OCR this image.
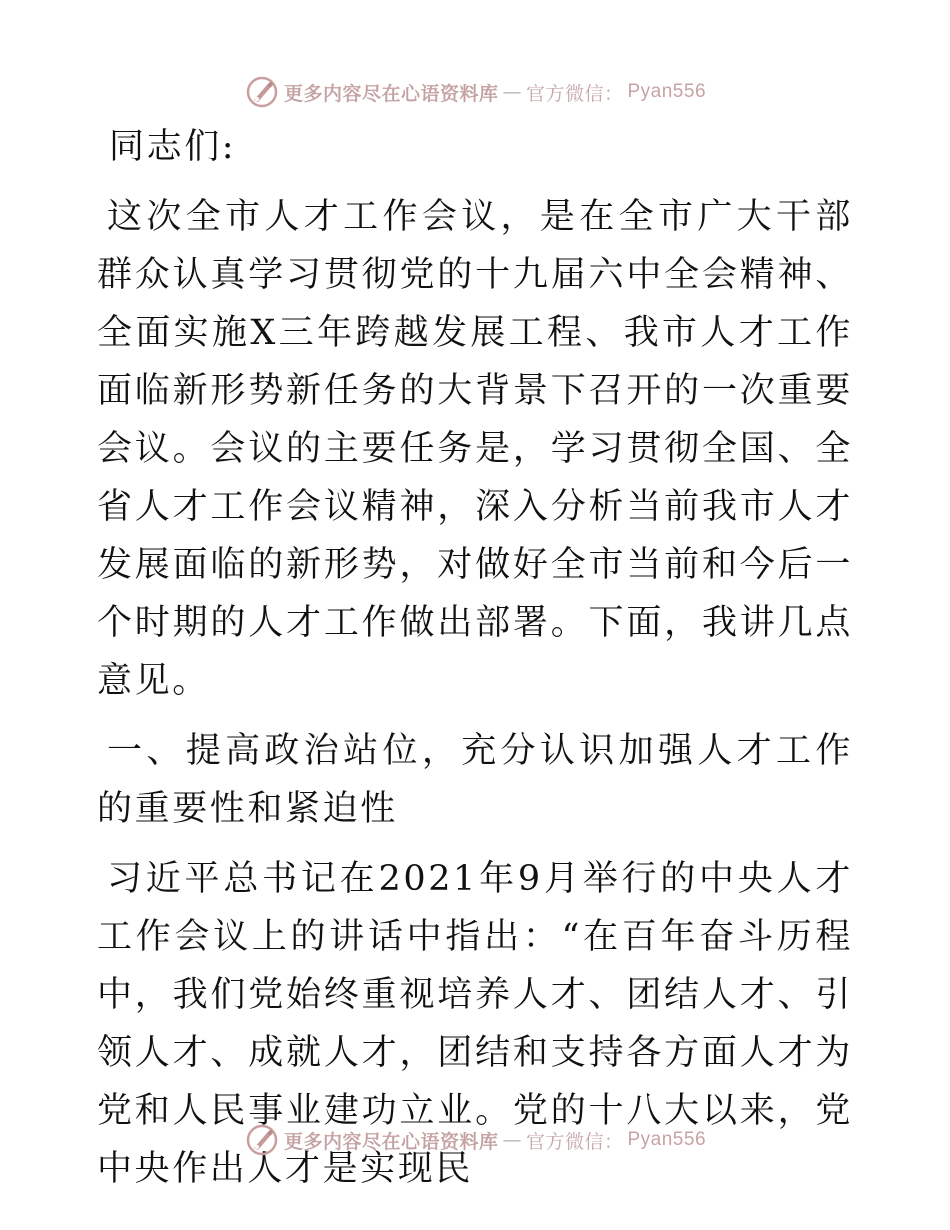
更多内容尽在心语资料库 — 官方微信： Pyan556

同志们:

这次全市人才工作会议，是在全市广大干部群众认真学习贯彻党的十九届六中全会精神、全面实施X三年跨越发展工程、我市人才工作面临新形势新任务的大背景下召开的一次重要会议。会议的主要任务是，学习贯彻全国、全省人才工作会议精神，深入分析当前我市人才发展面临的新形势，对做好全市当前和今后一个时期的人才工作做出部署。下面，我讲几点意见。

一、提高政治站位，充分认识加强人才工作的重要性和紧迫性

习近平总书记在2021年9月举行的中央人才工作会议上的讲话中指出：“在百年奋斗历程中，我们党始终重视培养人才、团结人才、引领人才、成就人才，团结和支持各方面人才为党和人民事业建功立业。党的十八大以来，党中央作出人才是实现民

更多内容尽在心语资料库 — 官方微信： Pyan556
